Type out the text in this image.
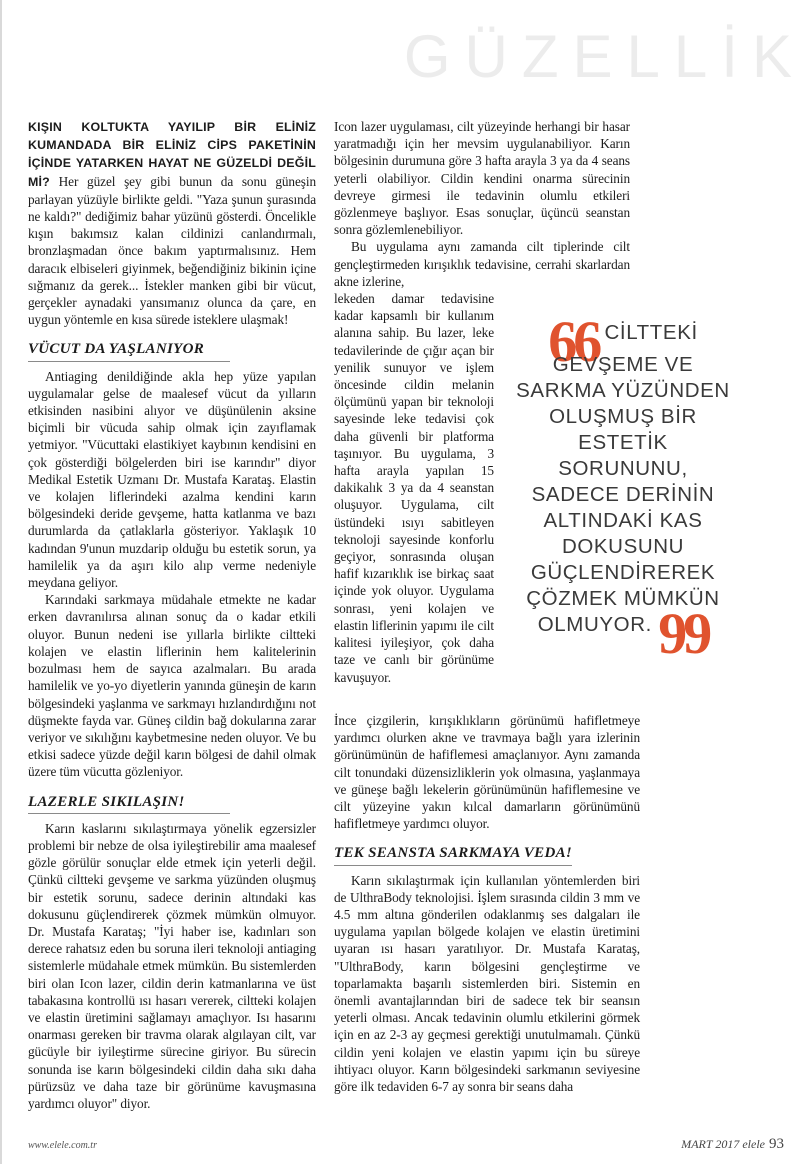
GÜZELLİK

KIŞIN KOLTUKTA YAYILIP BİR ELİNİZ KUMANDADA BİR ELİNİZ CİPS PAKETİNİN İÇİNDE YATARKEN HAYAT NE GÜZELDİ DEĞİL Mİ? Her güzel şey gibi bunun da sonu güneşin parlayan yüzüyle birlikte geldi. "Yaza şunun şurasında ne kaldı?" dediğimiz bahar yüzünü gösterdi. Öncelikle kışın bakımsız kalan cildinizi canlandırmalı, bronzlaşmadan önce bakım yaptırmalısınız. Hem daracık elbiseleri giyinmek, beğendiğiniz bikinin içine sığmanız da gerek... İstekler manken gibi bir vücut, gerçekler aynadaki yansımanız olunca da çare, en uygun yöntemle en kısa sürede isteklere ulaşmak!

VÜCUT DA YAŞLANIYOR

Antiaging denildiğinde akla hep yüze yapılan uygulamalar gelse de maalesef vücut da yılların etkisinden nasibini alıyor ve düşünülenin aksine biçimli bir vücuda sahip olmak için zayıflamak yetmiyor. "Vücuttaki elastikiyet kaybının kendisini en çok gösterdiği bölgelerden biri ise karındır" diyor Medikal Estetik Uzmanı Dr. Mustafa Karataş. Elastin ve kolajen liflerindeki azalma kendini karın bölgesindeki deride gevşeme, hatta katlanma ve bazı durumlarda da çatlaklarla gösteriyor. Yaklaşık 10 kadından 9'unun muzdarip olduğu bu estetik sorun, ya hamilelik ya da aşırı kilo alıp verme nedeniyle meydana geliyor.

Karındaki sarkmaya müdahale etmekte ne kadar erken davranılırsa alınan sonuç da o kadar etkili oluyor. Bunun nedeni ise yıllarla birlikte ciltteki kolajen ve elastin liflerinin hem kalitelerinin bozulması hem de sayıca azalmaları. Bu arada hamilelik ve yo-yo diyetlerin yanında güneşin de karın bölgesindeki yaşlanma ve sarkmayı hızlandırdığını not düşmekte fayda var. Güneş cildin bağ dokularına zarar veriyor ve sıkılığını kaybetmesine neden oluyor. Ve bu etkisi sadece yüzde değil karın bölgesi de dahil olmak üzere tüm vücutta gözleniyor.

LAZERLE SIKILAŞIN!

Karın kaslarını sıkılaştırmaya yönelik egzersizler problemi bir nebze de olsa iyileştirebilir ama maalesef gözle görülür sonuçlar elde etmek için yeterli değil. Çünkü ciltteki gevşeme ve sarkma yüzünden oluşmuş bir estetik sorunu, sadece derinin altındaki kas dokusunu güçlendirerek çözmek mümkün olmuyor. Dr. Mustafa Karataş; "İyi haber ise, kadınları son derece rahatsız eden bu soruna ileri teknoloji antiaging sistemlerle müdahale etmek mümkün. Bu sistemlerden biri olan Icon lazer, cildin derin katmanlarına ve üst tabakasına kontrollü ısı hasarı vererek, ciltteki kolajen ve elastin üretimini sağlamayı amaçlıyor. Isı hasarını onarması gereken bir travma olarak algılayan cilt, var gücüyle bir iyileştirme sürecine giriyor. Bu sürecin sonunda ise karın bölgesindeki cildin daha sıkı daha pürüzsüz ve daha taze bir görünüme kavuşmasına yardımcı oluyor" diyor.

Icon lazer uygulaması, cilt yüzeyinde herhangi bir hasar yaratmadığı için her mevsim uygulanabiliyor. Karın bölgesinin durumuna göre 3 hafta arayla 3 ya da 4 seans yeterli olabiliyor. Cildin kendini onarma sürecinin devreye girmesi ile tedavinin olumlu etkileri gözlenmeye başlıyor. Esas sonuçlar, üçüncü seanstan sonra gözlemlenebiliyor.

Bu uygulama aynı zamanda cilt tiplerinde cilt gençleştirmeden kırışıklık tedavisine, cerrahi skarlardan akne izlerine,

lekeden damar tedavisine kadar kapsamlı bir kullanım alanına sahip. Bu lazer, leke tedavilerinde de çığır açan bir yenilik sunuyor ve işlem öncesinde cildin melanin ölçümünü yapan bir teknoloji sayesinde leke tedavisi çok daha güvenli bir platforma taşınıyor. Bu uygulama, 3 hafta arayla yapılan 15 dakikalık 3 ya da 4 seanstan oluşuyor. Uygulama, cilt üstündeki ısıyı sabitleyen teknoloji sayesinde konforlu geçiyor, sonrasında oluşan hafif kızarıklık ise birkaç saat içinde yok oluyor. Uygulama sonrası, yeni kolajen ve elastin liflerinin yapımı ile cilt kalitesi iyileşiyor, çok daha taze ve canlı bir görünüme kavuşuyor.

İnce çizgilerin, kırışıklıkların görünümü hafifletmeye yardımcı olurken akne ve travmaya bağlı yara izlerinin görünümünün de hafiflemesi amaçlanıyor. Aynı zamanda cilt tonundaki düzensizliklerin yok olmasına, yaşlanmaya ve güneşe bağlı lekelerin görünümünün hafiflemesine ve cilt yüzeyine yakın kılcal damarların görünümünü hafifletmeye yardımcı oluyor.

TEK SEANSTA SARKMAYA VEDA!

Karın sıkılaştırmak için kullanılan yöntemlerden biri de UlthraBody teknolojisi. İşlem sırasında cildin 3 mm ve 4.5 mm altına gönderilen odaklanmış ses dalgaları ile uygulama yapılan bölgede kolajen ve elastin üretimini uyaran ısı hasarı yaratılıyor. Dr. Mustafa Karataş, "UlthraBody, karın bölgesini gençleştirme ve toparlamakta başarılı sistemlerden biri. Sistemin en önemli avantajlarından biri de sadece tek bir seansın yeterli olması. Ancak tedavinin olumlu etkilerini görmek için en az 2-3 ay geçmesi gerektiği unutulmamalı. Çünkü cildin yeni kolajen ve elastin yapımı için bu süreye ihtiyacı oluyor. Karın bölgesindeki sarkmanın seviyesine göre ilk tedaviden 6-7 ay sonra bir seans daha

66 CİLTTEKİ GEVŞEME VE SARKMA YÜZÜNDEN OLUŞMUŞ BİR ESTETİK SORUNUNU, SADECE DERİNİN ALTINDAKİ KAS DOKUSUNU GÜÇLENDİREREK ÇÖZMEK MÜMKÜN OLMUYOR. 99
www.elele.com.tr	MART 2017 elele 93
